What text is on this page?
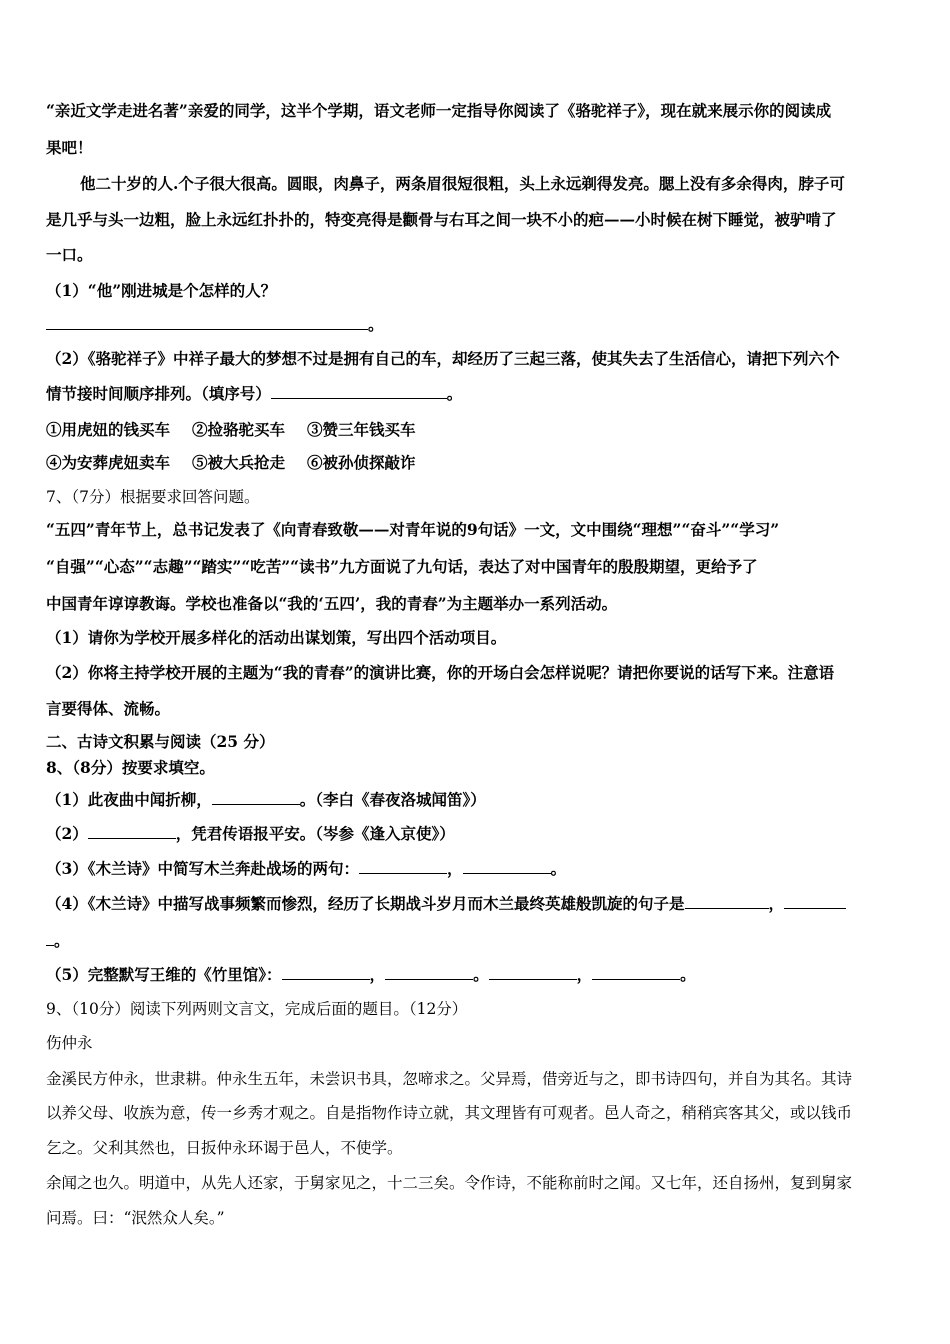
“亲近文学走进名著”亲爱的同学，这半个学期，语文老师一定指导你阅读了《骆驼祥子》，现在就来展示你的阅读成
果吧！
他二十岁的人.个子很大很高。圆眼，肉鼻子，两条眉很短很粗，头上永远剃得发亮。腮上没有多余得肉，脖子可
是几乎与头一边粗，脸上永远红扑扑的，特变亮得是颧骨与右耳之间一块不小的疤——小时候在树下睡觉，被驴啃了
一口。
（1）“他”刚进城是个怎样的人？
。
（2）《骆驼祥子》中祥子最大的梦想不过是拥有自己的车，却经历了三起三落，使其失去了生活信心，请把下列六个
情节接时间顺序排列。（填序号）	。
①用虎妞的钱买车 ②捡骆驼买车 ③赞三年钱买车
④为安葬虎妞卖车 ⑤被大兵抢走 ⑥被孙侦探敲诈
7、（7分）根据要求回答问题。
“五四”青年节上，总书记发表了《向青春致敬——对青年说的9句话》一文，文中围绕“理想”“奋斗”“学习”
“自强”“心态”“志趣”“踏实”“吃苦”“读书”九方面说了九句话，表达了对中国青年的殷殷期望，更给予了
中国青年谆谆教诲。学校也准备以“我的‘五四’，我的青春”为主题举办一系列活动。
（1）请你为学校开展多样化的活动出谋划策，写出四个活动项目。
（2）你将主持学校开展的主题为“我的青春”的演讲比赛，你的开场白会怎样说呢？请把你要说的话写下来。注意语
言要得体、流畅。
二、古诗文积累与阅读（25 分）
8、（8分）按要求填空。
（1）此夜曲中闻折柳，	。（李白《春夜洛城闻笛》）
（2）	，凭君传语报平安。（岑参《逢入京使》）
（3）《木兰诗》中简写木兰奔赴战场的两句：	，	。
（4）《木兰诗》中描写战事频繁而惨烈，经历了长期战斗岁月而木兰最终英雄般凯旋的句子是	，
。
（5）完整默写王维的《竹里馆》：	，	。	，	。
9、（10分）阅读下列两则文言文，完成后面的题目。（12分）
伤仲永
金溪民方仲永，世隶耕。仲永生五年，未尝识书具，忽啼求之。父异焉，借旁近与之，即书诗四句，并自为其名。其诗
以养父母、收族为意，传一乡秀才观之。自是指物作诗立就，其文理皆有可观者。邑人奇之，稍稍宾客其父，或以钱币
乞之。父利其然也，日扳仲永环谒于邑人，不使学。
余闻之也久。明道中，从先人还家，于舅家见之，十二三矣。令作诗，不能称前时之闻。又七年，还自扬州，复到舅家
问焉。曰：“泯然众人矣。”
